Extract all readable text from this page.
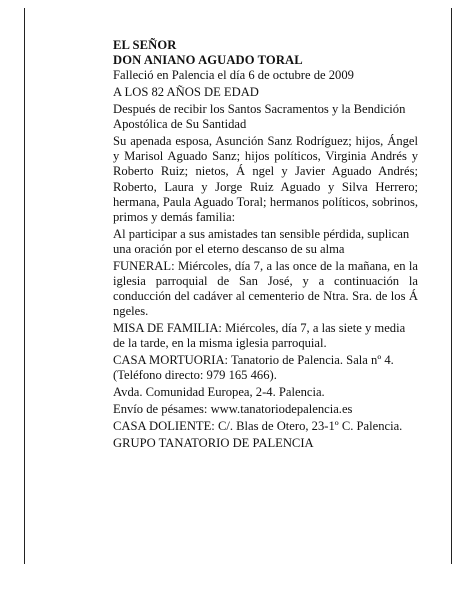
EL SEÑOR
DON ANIANO AGUADO TORAL

Falleció en Palencia el día 6 de octubre de 2009

A LOS 82 AÑOS DE EDAD

Después de recibir los Santos Sacramentos y la Bendición Apostólica de Su Santidad

Su apenada esposa, Asunción Sanz Rodríguez; hijos, Ángel y Marisol Aguado Sanz; hijos políticos, Virginia Andrés y Roberto Ruiz; nietos, Á ngel y Javier Aguado Andrés; Roberto, Laura y Jorge Ruiz Aguado y Silva Herrero; hermana, Paula Aguado Toral; hermanos políticos, sobrinos, primos y demás familia:

Al participar a sus amistades tan sensible pérdida, suplican una oración por el eterno descanso de su alma

FUNERAL: Miércoles, día 7, a las once de la mañana, en la iglesia parroquial de San José, y a continuación la conducción del cadáver al cementerio de Ntra. Sra. de los Á ngeles.

MISA DE FAMILIA: Miércoles, día 7, a las siete y media de la tarde, en la misma iglesia parroquial.

CASA MORTUORIA: Tanatorio de Palencia. Sala nº 4. (Teléfono directo: 979 165 466).

Avda. Comunidad Europea, 2-4. Palencia.

Envío de pésames: www.tanatoriodepalencia.es

CASA DOLIENTE: C/. Blas de Otero, 23-1º C. Palencia.

GRUPO TANATORIO DE PALENCIA
